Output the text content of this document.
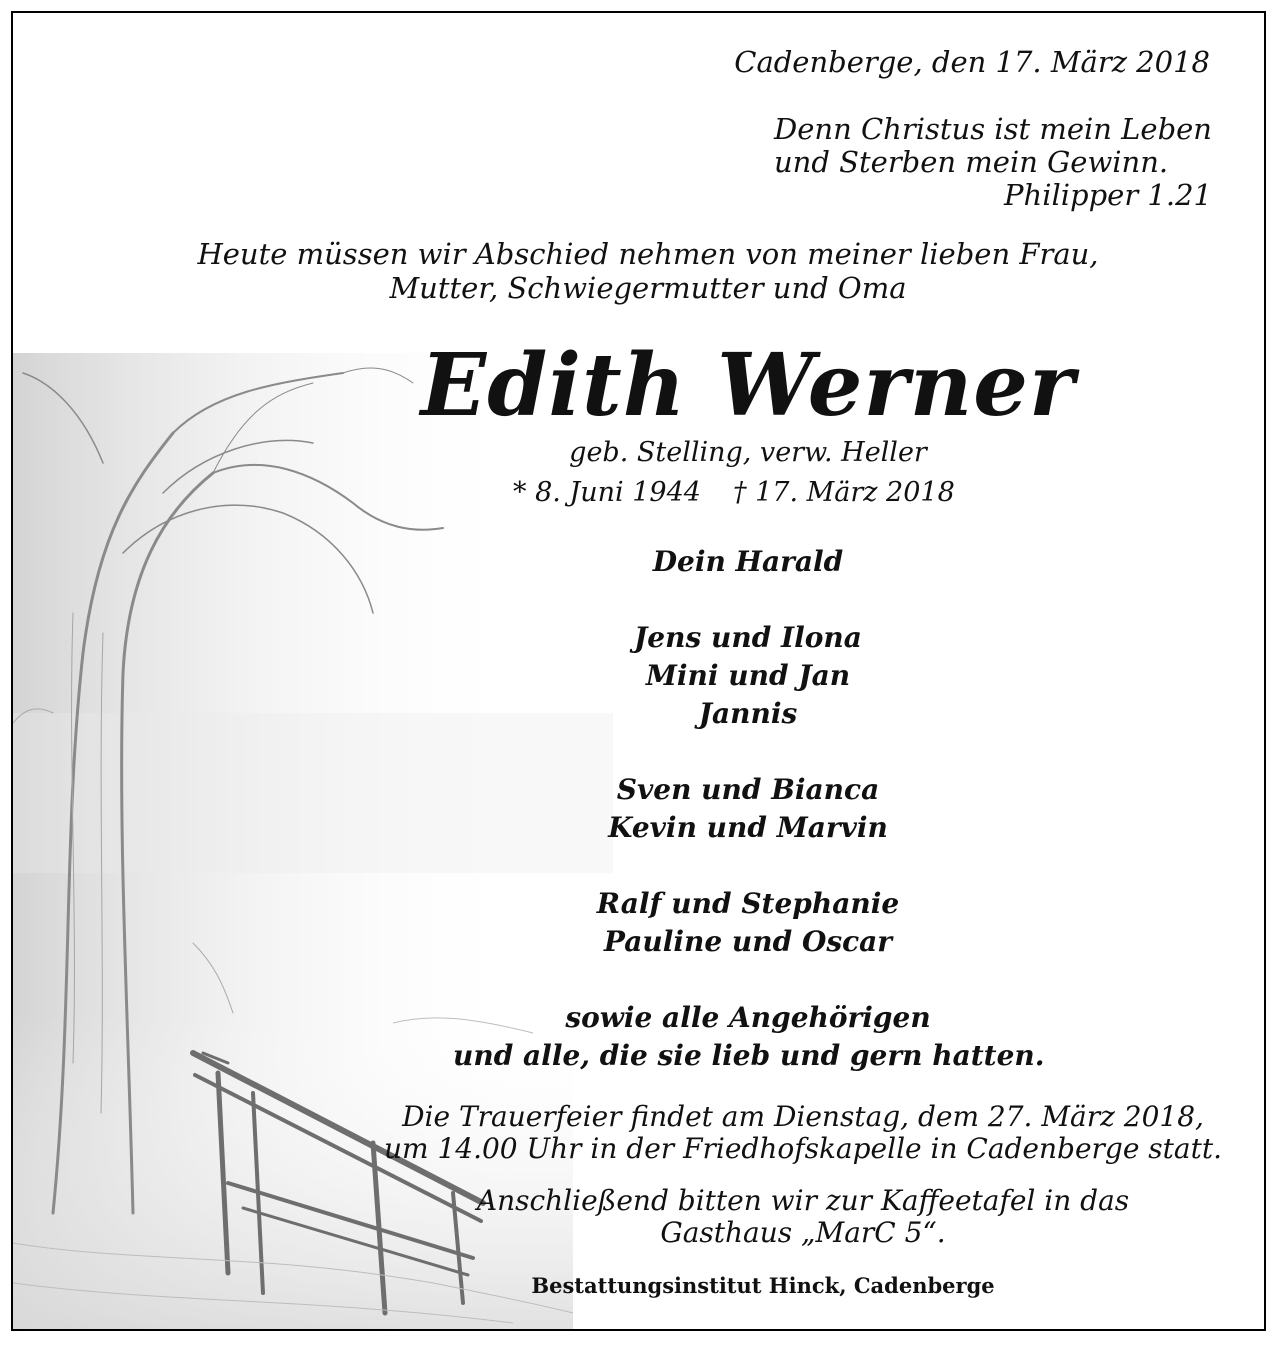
Cadenberge, den 17. März 2018
Denn Christus ist mein Leben
und Sterben mein Gewinn.
Philipper 1.21
Heute müssen wir Abschied nehmen von meiner lieben Frau,
Mutter, Schwiegermutter und Oma
Edith Werner
geb. Stelling, verw. Heller
* 8. Juni 1944 † 17. März 2018
Dein Harald
Jens und Ilona
Mini und Jan
Jannis
Sven und Bianca
Kevin und Marvin
Ralf und Stephanie
Pauline und Oscar
sowie alle Angehörigen
und alle, die sie lieb und gern hatten.
Die Trauerfeier findet am Dienstag, dem 27. März 2018,
um 14.00 Uhr in der Friedhofskapelle in Cadenberge statt.
Anschließend bitten wir zur Kaffeetafel in das
Gasthaus „MarC 5“.
Bestattungsinstitut Hinck, Cadenberge
